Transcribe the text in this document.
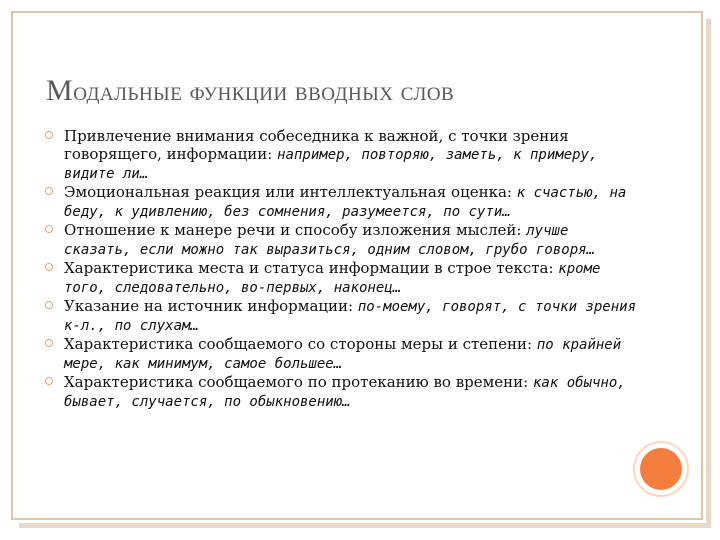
Модальные функции вводных слов
Привлечение внимания собеседника к важной, с точки зрения говорящего, информации: например, повторяю, заметь, к примеру, видите ли…
Эмоциональная реакция или интеллектуальная оценка: к счастью, на беду, к удивлению, без сомнения, разумеется, по сути…
Отношение к манере речи и способу изложения мыслей: лучше сказать, если можно так выразиться, одним словом, грубо говоря…
Характеристика места и статуса информации в строе текста: кроме того, следовательно, во-первых, наконец…
Указание на источник информации: по-моему, говорят, с точки зрения к-л., по слухам…
Характеристика сообщаемого со стороны меры и степени: по крайней мере, как минимум, самое большее…
Характеристика сообщаемого по протеканию во времени: как обычно, бывает, случается, по обыкновению…
